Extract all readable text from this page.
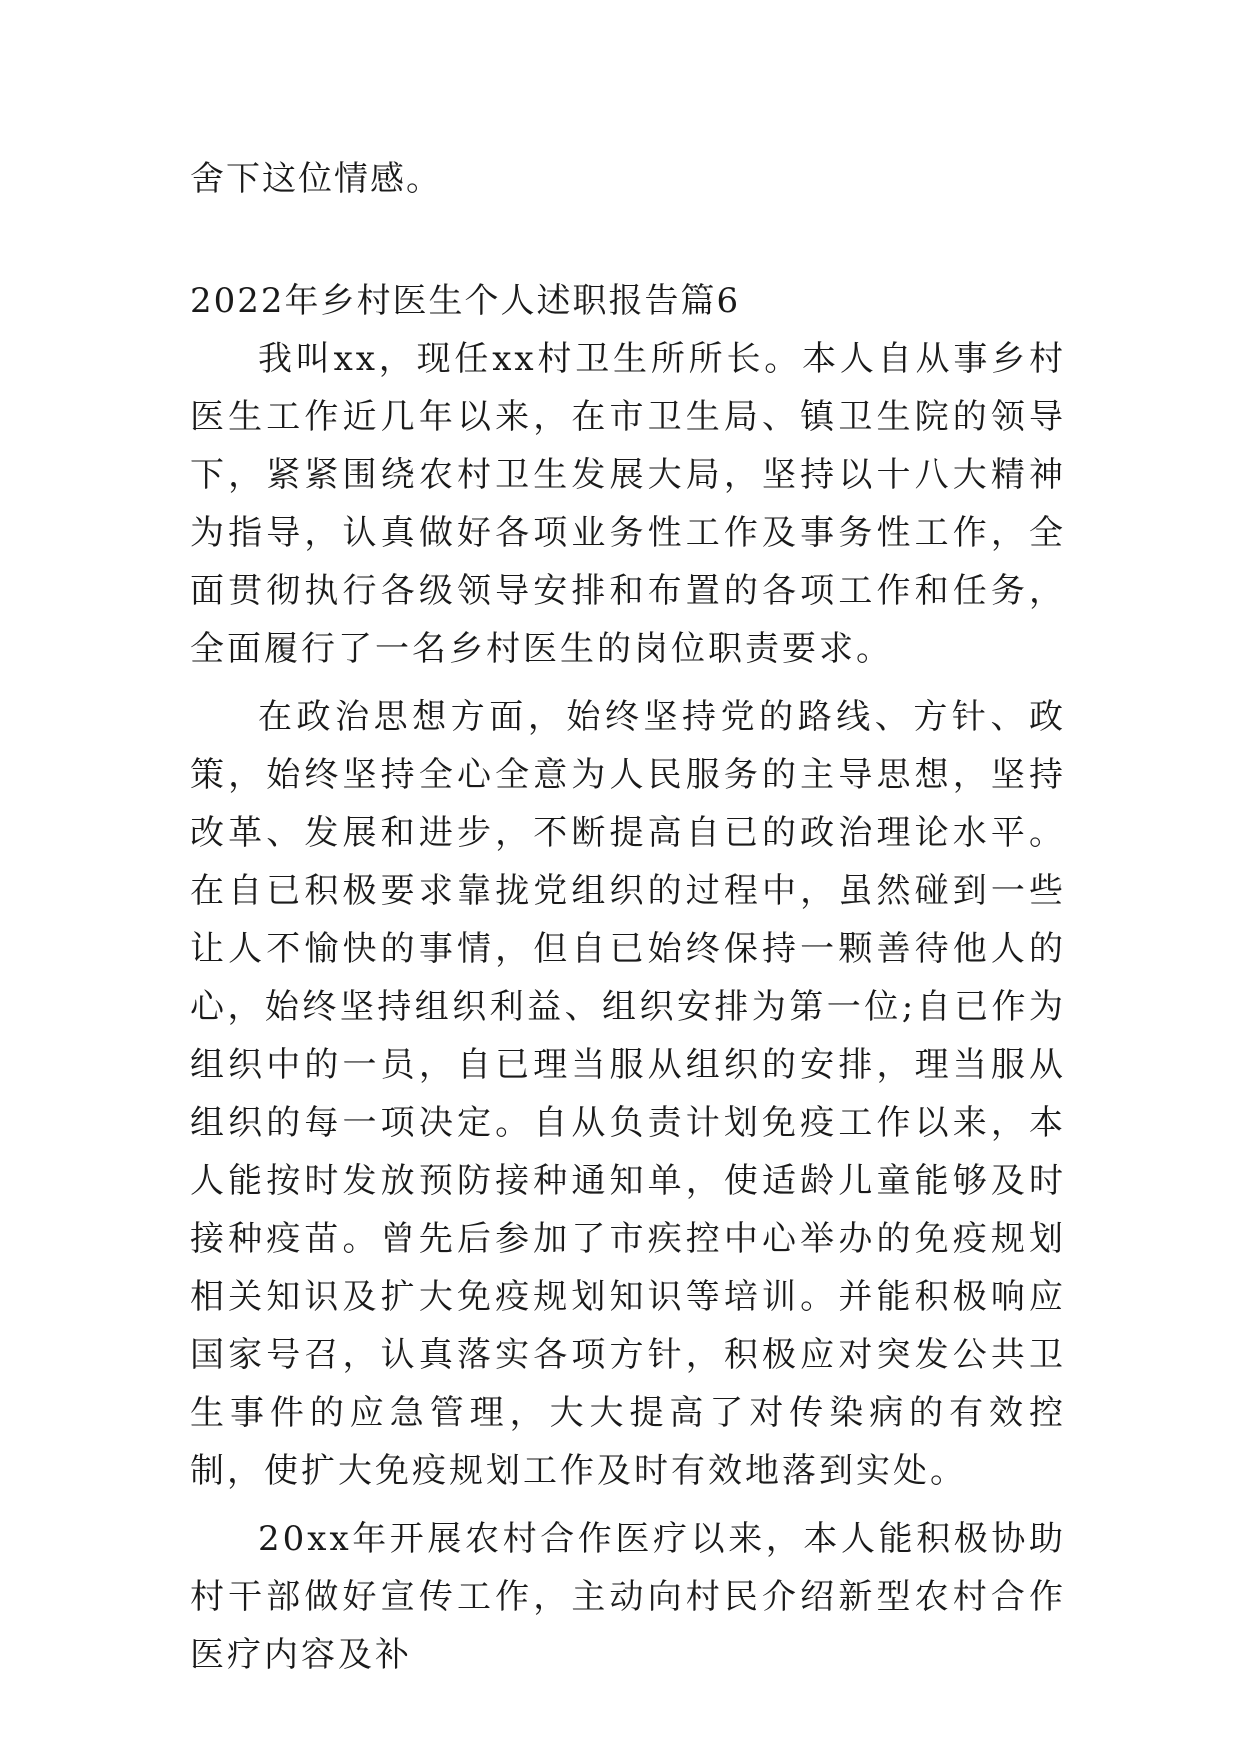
舍下这位情感。
2022年乡村医生个人述职报告篇6

我叫xx，现任xx村卫生所所长。本人自从事乡村医生工作近几年以来，在市卫生局、镇卫生院的领导下，紧紧围绕农村卫生发展大局，坚持以十八大精神为指导，认真做好各项业务性工作及事务性工作，全面贯彻执行各级领导安排和布置的各项工作和任务，全面履行了一名乡村医生的岗位职责要求。

在政治思想方面，始终坚持党的路线、方针、政策，始终坚持全心全意为人民服务的主导思想，坚持改革、发展和进步，不断提高自已的政治理论水平。在自已积极要求靠拢党组织的过程中，虽然碰到一些让人不愉快的事情，但自已始终保持一颗善待他人的心，始终坚持组织利益、组织安排为第一位;自已作为组织中的一员，自已理当服从组织的安排，理当服从组织的每一项决定。自从负责计划免疫工作以来，本人能按时发放预防接种通知单，使适龄儿童能够及时接种疫苗。曾先后参加了市疾控中心举办的免疫规划相关知识及扩大免疫规划知识等培训。并能积极响应国家号召，认真落实各项方针，积极应对突发公共卫生事件的应急管理，大大提高了对传染病的有效控制，使扩大免疫规划工作及时有效地落到实处。

20xx年开展农村合作医疗以来，本人能积极协助村干部做好宣传工作，主动向村民介绍新型农村合作医疗内容及补
